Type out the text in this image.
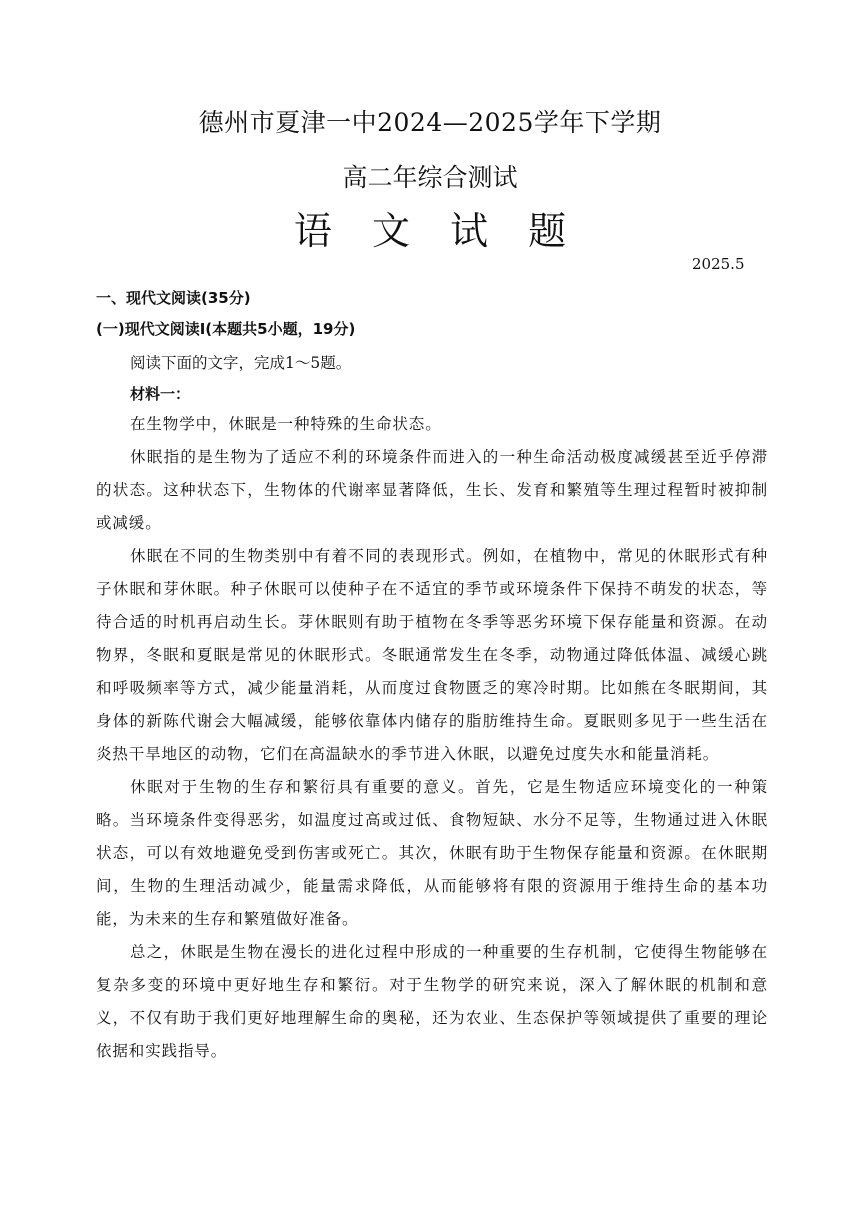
德州市夏津一中2024—2025学年下学期
高二年综合测试
语 文 试 题
2025.5
一、现代文阅读(35分)
(一)现代文阅读Ⅰ(本题共5小题，19分)
阅读下面的文字，完成1～5题。
材料一：

在生物学中，休眠是一种特殊的生命状态。

休眠指的是生物为了适应不利的环境条件而进入的一种生命活动极度减缓甚至近乎停滞的状态。这种状态下，生物体的代谢率显著降低，生长、发育和繁殖等生理过程暂时被抑制或减缓。

休眠在不同的生物类别中有着不同的表现形式。例如，在植物中，常见的休眠形式有种子休眠和芽休眠。种子休眠可以使种子在不适宜的季节或环境条件下保持不萌发的状态，等待合适的时机再启动生长。芽休眠则有助于植物在冬季等恶劣环境下保存能量和资源。在动物界，冬眠和夏眠是常见的休眠形式。冬眠通常发生在冬季，动物通过降低体温、减缓心跳和呼吸频率等方式，减少能量消耗，从而度过食物匮乏的寒冷时期。比如熊在冬眠期间，其身体的新陈代谢会大幅减缓，能够依靠体内储存的脂肪维持生命。夏眠则多见于一些生活在炎热干旱地区的动物，它们在高温缺水的季节进入休眠，以避免过度失水和能量消耗。

休眠对于生物的生存和繁衍具有重要的意义。首先，它是生物适应环境变化的一种策略。当环境条件变得恶劣，如温度过高或过低、食物短缺、水分不足等，生物通过进入休眠状态，可以有效地避免受到伤害或死亡。其次，休眠有助于生物保存能量和资源。在休眠期间，生物的生理活动减少，能量需求降低，从而能够将有限的资源用于维持生命的基本功能，为未来的生存和繁殖做好准备。

总之，休眠是生物在漫长的进化过程中形成的一种重要的生存机制，它使得生物能够在复杂多变的环境中更好地生存和繁衍。对于生物学的研究来说，深入了解休眠的机制和意义，不仅有助于我们更好地理解生命的奥秘，还为农业、生态保护等领域提供了重要的理论依据和实践指导。
